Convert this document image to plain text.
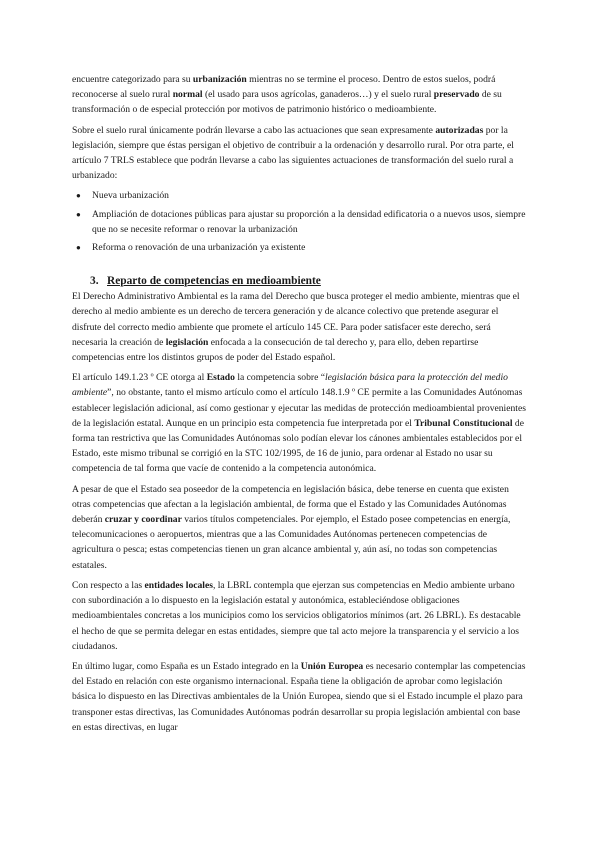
encuentre categorizado para su urbanización mientras no se termine el proceso. Dentro de estos suelos, podrá reconocerse al suelo rural normal (el usado para usos agrícolas, ganaderos…) y el suelo rural preservado de su transformación o de especial protección por motivos de patrimonio histórico o medioambiente.

Sobre el suelo rural únicamente podrán llevarse a cabo las actuaciones que sean expresamente autorizadas por la legislación, siempre que éstas persigan el objetivo de contribuir a la ordenación y desarrollo rural. Por otra parte, el artículo 7 TRLS establece que podrán llevarse a cabo las siguientes actuaciones de transformación del suelo rural a urbanizado:

● Nueva urbanización
● Ampliación de dotaciones públicas para ajustar su proporción a la densidad edificatoria o a nuevos usos, siempre que no se necesite reformar o renovar la urbanización
● Reforma o renovación de una urbanización ya existente
3. Reparto de competencias en medioambiente

El Derecho Administrativo Ambiental es la rama del Derecho que busca proteger el medio ambiente, mientras que el derecho al medio ambiente es un derecho de tercera generación y de alcance colectivo que pretende asegurar el disfrute del correcto medio ambiente que promete el artículo 145 CE. Para poder satisfacer este derecho, será necesaria la creación de legislación enfocada a la consecución de tal derecho y, para ello, deben repartirse competencias entre los distintos grupos de poder del Estado español.

El artículo 149.1.23 º CE otorga al Estado la competencia sobre “legislación básica para la protección del medio ambiente”, no obstante, tanto el mismo artículo como el artículo 148.1.9 º CE permite a las Comunidades Autónomas establecer legislación adicional, así como gestionar y ejecutar las medidas de protección medioambiental provenientes de la legislación estatal. Aunque en un principio esta competencia fue interpretada por el Tribunal Constitucional de forma tan restrictiva que las Comunidades Autónomas solo podían elevar los cánones ambientales establecidos por el Estado, este mismo tribunal se corrigió en la STC 102/1995, de 16 de junio, para ordenar al Estado no usar su competencia de tal forma que vacíe de contenido a la competencia autonómica.

A pesar de que el Estado sea poseedor de la competencia en legislación básica, debe tenerse en cuenta que existen otras competencias que afectan a la legislación ambiental, de forma que el Estado y las Comunidades Autónomas deberán cruzar y coordinar varios títulos competenciales. Por ejemplo, el Estado posee competencias en energía, telecomunicaciones o aeropuertos, mientras que a las Comunidades Autónomas pertenecen competencias de agricultura o pesca; estas competencias tienen un gran alcance ambiental y, aún así, no todas son competencias estatales.

Con respecto a las entidades locales, la LBRL contempla que ejerzan sus competencias en Medio ambiente urbano con subordinación a lo dispuesto en la legislación estatal y autonómica, estableciéndose obligaciones medioambientales concretas a los municipios como los servicios obligatorios mínimos (art. 26 LBRL). Es destacable el hecho de que se permita delegar en estas entidades, siempre que tal acto mejore la transparencia y el servicio a los ciudadanos.

En último lugar, como España es un Estado integrado en la Unión Europea es necesario contemplar las competencias del Estado en relación con este organismo internacional. España tiene la obligación de aprobar como legislación básica lo dispuesto en las Directivas ambientales de la Unión Europea, siendo que si el Estado incumple el plazo para transponer estas directivas, las Comunidades Autónomas podrán desarrollar su propia legislación ambiental con base en estas directivas, en lugar
